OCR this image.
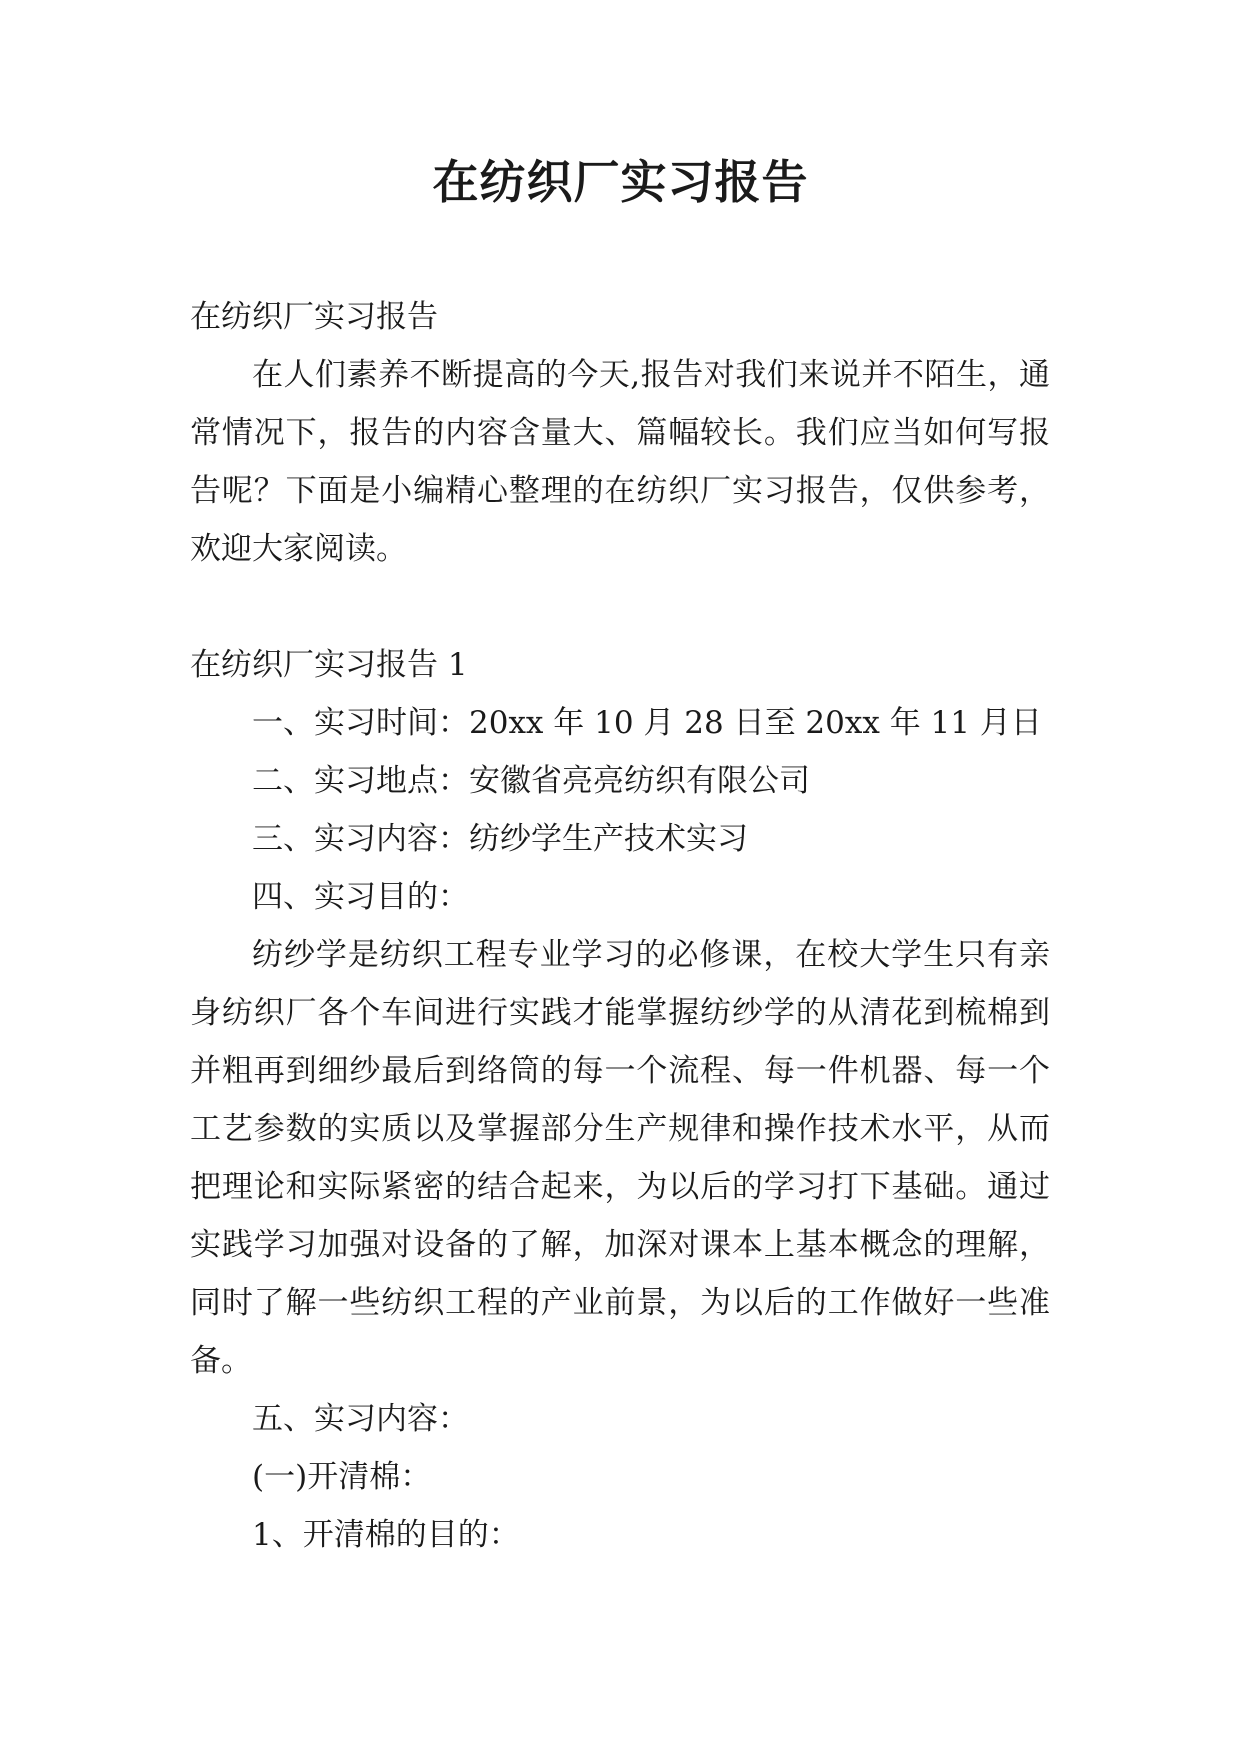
在纺织厂实习报告

在纺织厂实习报告

在人们素养不断提高的今天,报告对我们来说并不陌生，通常情况下，报告的内容含量大、篇幅较长。我们应当如何写报告呢？下面是小编精心整理的在纺织厂实习报告，仅供参考，欢迎大家阅读。

在纺织厂实习报告 1

一、实习时间：20xx 年 10 月 28 日至 20xx 年 11 月日

二、实习地点：安徽省亮亮纺织有限公司

三、实习内容：纺纱学生产技术实习

四、实习目的：

纺纱学是纺织工程专业学习的必修课，在校大学生只有亲身纺织厂各个车间进行实践才能掌握纺纱学的从清花到梳棉到并粗再到细纱最后到络筒的每一个流程、每一件机器、每一个工艺参数的实质以及掌握部分生产规律和操作技术水平，从而把理论和实际紧密的结合起来，为以后的学习打下基础。通过实践学习加强对设备的了解，加深对课本上基本概念的理解，同时了解一些纺织工程的产业前景，为以后的工作做好一些准备。

五、实习内容：

(一)开清棉：

1、开清棉的目的：
